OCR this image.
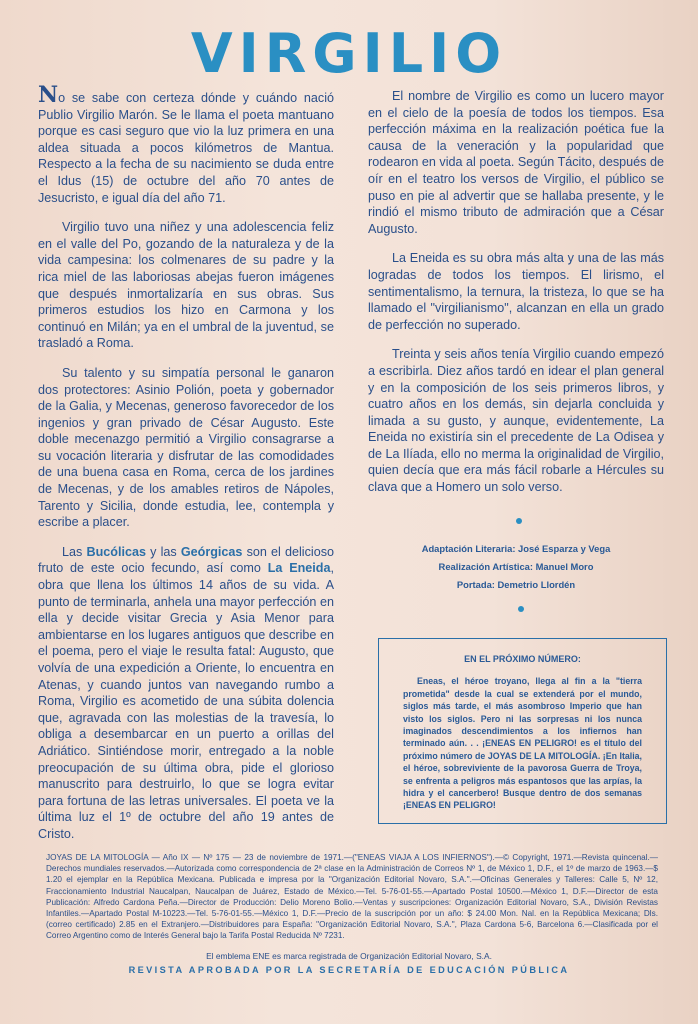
VIRGILIO

No se sabe con certeza dónde y cuándo nació Publio Virgilio Marón. Se le llama el poeta mantuano porque es casi seguro que vio la luz primera en una aldea situada a pocos kilómetros de Mantua. Respecto a la fecha de su nacimiento se duda entre el Idus (15) de octubre del año 70 antes de Jesucristo, e igual día del año 71.

Virgilio tuvo una niñez y una adolescencia feliz en el valle del Po, gozando de la naturaleza y de la vida campesina: los colmenares de su padre y la rica miel de las laboriosas abejas fueron imágenes que después inmortalizaría en sus obras. Sus primeros estudios los hizo en Carmona y los continuó en Milán; ya en el umbral de la juventud, se trasladó a Roma.

Su talento y su simpatía personal le ganaron dos protectores: Asinio Polión, poeta y gobernador de la Galia, y Mecenas, generoso favorecedor de los ingenios y gran privado de César Augusto. Este doble mecenazgo permitió a Virgilio consagrarse a su vocación literaria y disfrutar de las comodidades de una buena casa en Roma, cerca de los jardines de Mecenas, y de los amables retiros de Nápoles, Tarento y Sicilia, donde estudia, lee, contempla y escribe a placer.

Las Bucólicas y las Geórgicas son el delicioso fruto de este ocio fecundo, así como La Eneida, obra que llena los últimos 14 años de su vida. A punto de terminarla, anhela una mayor perfección en ella y decide visitar Grecia y Asia Menor para ambientarse en los lugares antiguos que describe en el poema, pero el viaje le resulta fatal: Augusto, que volvía de una expedición a Oriente, lo encuentra en Atenas, y cuando juntos van navegando rumbo a Roma, Virgilio es acometido de una súbita dolencia que, agravada con las molestias de la travesía, lo obliga a desembarcar en un puerto a orillas del Adriático. Sintiéndose morir, entregado a la noble preocupación de su última obra, pide el glorioso manuscrito para destruirlo, lo que se logra evitar para fortuna de las letras universales. El poeta ve la última luz el 1º de octubre del año 19 antes de Cristo.

El nombre de Virgilio es como un lucero mayor en el cielo de la poesía de todos los tiempos. Esa perfección máxima en la realización poética fue la causa de la veneración y la popularidad que rodearon en vida al poeta. Según Tácito, después de oír en el teatro los versos de Virgilio, el público se puso en pie al advertir que se hallaba presente, y le rindió el mismo tributo de admiración que a César Augusto.

La Eneida es su obra más alta y una de las más logradas de todos los tiempos. El lirismo, el sentimentalismo, la ternura, la tristeza, lo que se ha llamado el "virgilianismo", alcanzan en ella un grado de perfección no superado.

Treinta y seis años tenía Virgilio cuando empezó a escribirla. Diez años tardó en idear el plan general y en la composición de los seis primeros libros, y cuatro años en los demás, sin dejarla concluida y limada a su gusto, y aunque, evidentemente, La Eneida no existiría sin el precedente de La Odisea y de La Ilíada, ello no merma la originalidad de Virgilio, quien decía que era más fácil robarle a Hércules su clava que a Homero un solo verso.

Adaptación Literaria: José Esparza y Vega
Realización Artística: Manuel Moro
Portada: Demetrio Llordén
EN EL PRÓXIMO NÚMERO:
Eneas, el héroe troyano, llega al fin a la "tierra prometida" desde la cual se extenderá por el mundo, siglos más tarde, el más asombroso Imperio que han visto los siglos. Pero ni las sorpresas ni los nunca imaginados descendimientos a los infiernos han terminado aún. . . ¡ENEAS EN PELIGRO! es el título del próximo número de JOYAS DE LA MITOLOGÍA. ¡En Italia, el héroe, sobreviviente de la pavorosa Guerra de Troya, se enfrenta a peligros más espantosos que las arpías, la hidra y el cancerbero! Busque dentro de dos semanas ¡ENEAS EN PELIGRO!
JOYAS DE LA MITOLOGÍA — Año IX — Nº 175 — 23 de noviembre de 1971.—("ENEAS VIAJA A LOS INFIERNOS").—© Copyright, 1971.—Revista quincenal.—Derechos mundiales reservados.—Autorizada como correspondencia de 2ª clase en la Administración de Correos Nº 1, de México 1, D.F., el 1º de marzo de 1963.—$ 1.20 el ejemplar en la República Mexicana. Publicada e impresa por la "Organización Editorial Novaro, S.A.".—Oficinas Generales y Talleres: Calle 5, Nº 12, Fraccionamiento Industrial Naucalpan, Naucalpan de Juárez, Estado de México.—Tel. 5-76-01-55.—Apartado Postal 10500.—México 1, D.F.—Director de esta Publicación: Alfredo Cardona Peña.—Director de Producción: Delio Moreno Bolio.—Ventas y suscripciones: Organización Editorial Novaro, S.A., División Revistas Infantiles.—Apartado Postal M-10223.—Tel. 5-76-01-55.—México 1, D.F.—Precio de la suscripción por un año: $ 24.00 Mon. Nal. en la República Mexicana; Dls. (correo certificado) 2.85 en el Extranjero.—Distribuidores para España: "Organización Editorial Novaro, S.A.", Plaza Cardona 5-6, Barcelona 6.—Clasificada por el Correo Argentino como de Interés General bajo la Tarifa Postal Reducida Nº 7231.
El emblema ENE es marca registrada de Organización Editorial Novaro, S.A.
REVISTA APROBADA POR LA SECRETARÍA DE EDUCACIÓN PÚBLICA
